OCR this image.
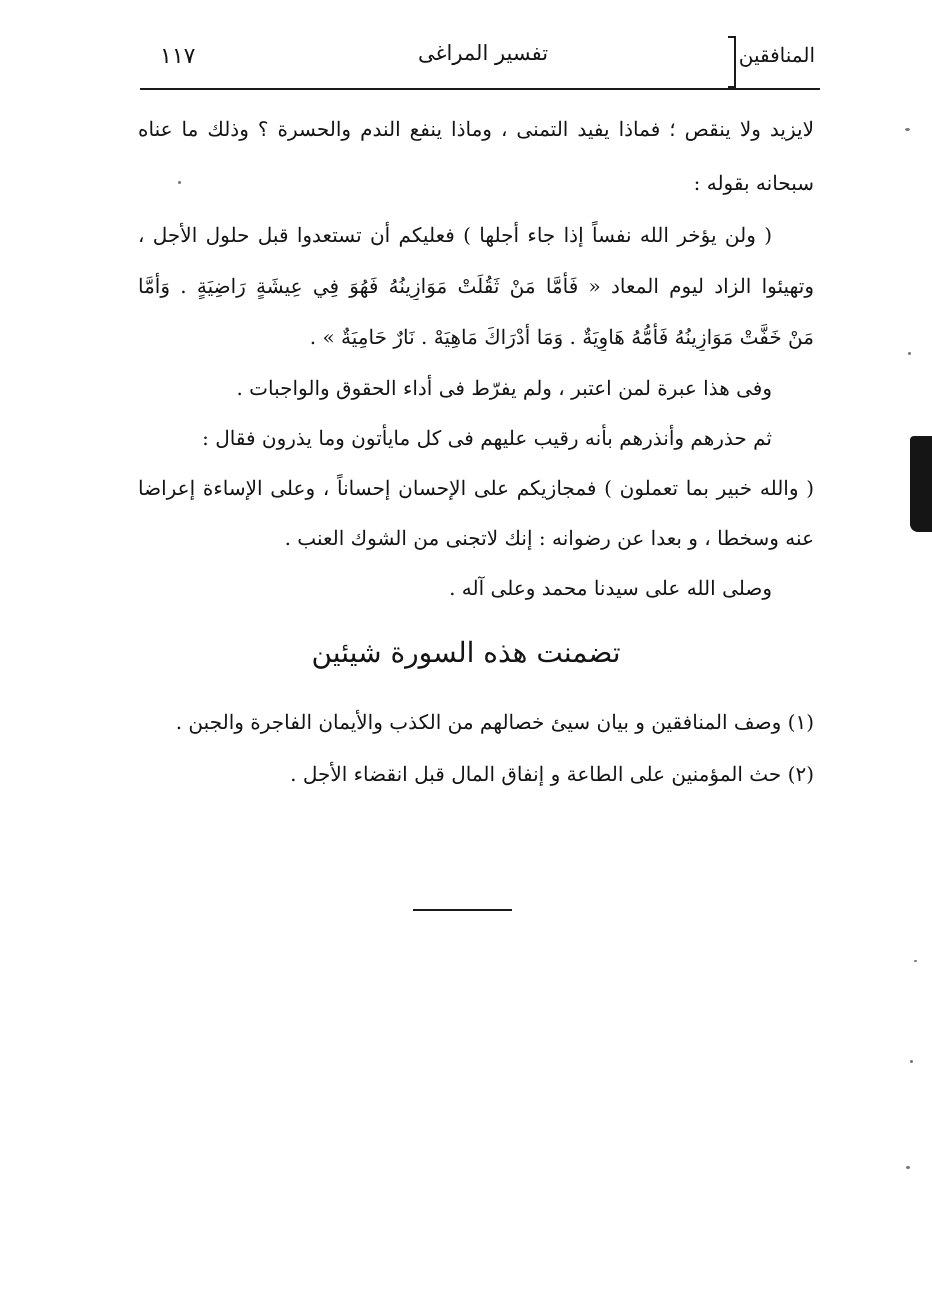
المنافقين
تفسير المراغى
١١٧
لايزيد ولا ينقص ؛ فماذا يفيد التمنى ، وماذا ينفع الندم والحسرة ؟ وذلك ما عناه
سبحانه بقوله :
( ولن يؤخر الله نفساً إذا جاء أجلها ) فعليكم أن تستعدوا قبل حلول الأجل ،
وتهيئوا الزاد ليوم المعاد « فَأَمَّا مَنْ ثَقُلَتْ مَوَازِينُهُ فَهُوَ فِي عِيشَةٍ رَاضِيَةٍ . وَأَمَّا
مَنْ خَفَّتْ مَوَازِينُهُ فَأُمُّهُ هَاوِيَةٌ . وَمَا أَدْرَاكَ مَاهِيَهْ . نَارٌ حَامِيَةٌ » .
وفى هذا عبرة لمن اعتبر ، ولم يفرّط فى أداء الحقوق والواجبات .
ثم حذرهم وأنذرهم بأنه رقيب عليهم فى كل مايأتون وما يذرون فقال :
( والله خبير بما تعملون ) فمجازيكم على الإحسان إحساناً ، وعلى الإساءة إعراضا
عنه وسخطا ، و بعدا عن رضوانه : إنك لاتجنى من الشوك العنب .
وصلى الله على سيدنا محمد وعلى آله .
تضمنت هذه السورة شيئين
(١) وصف المنافقين و بيان سيئ خصالهم من الكذب والأيمان الفاجرة والجبن .
(٢) حث المؤمنين على الطاعة و إنفاق المال قبل انقضاء الأجل .
